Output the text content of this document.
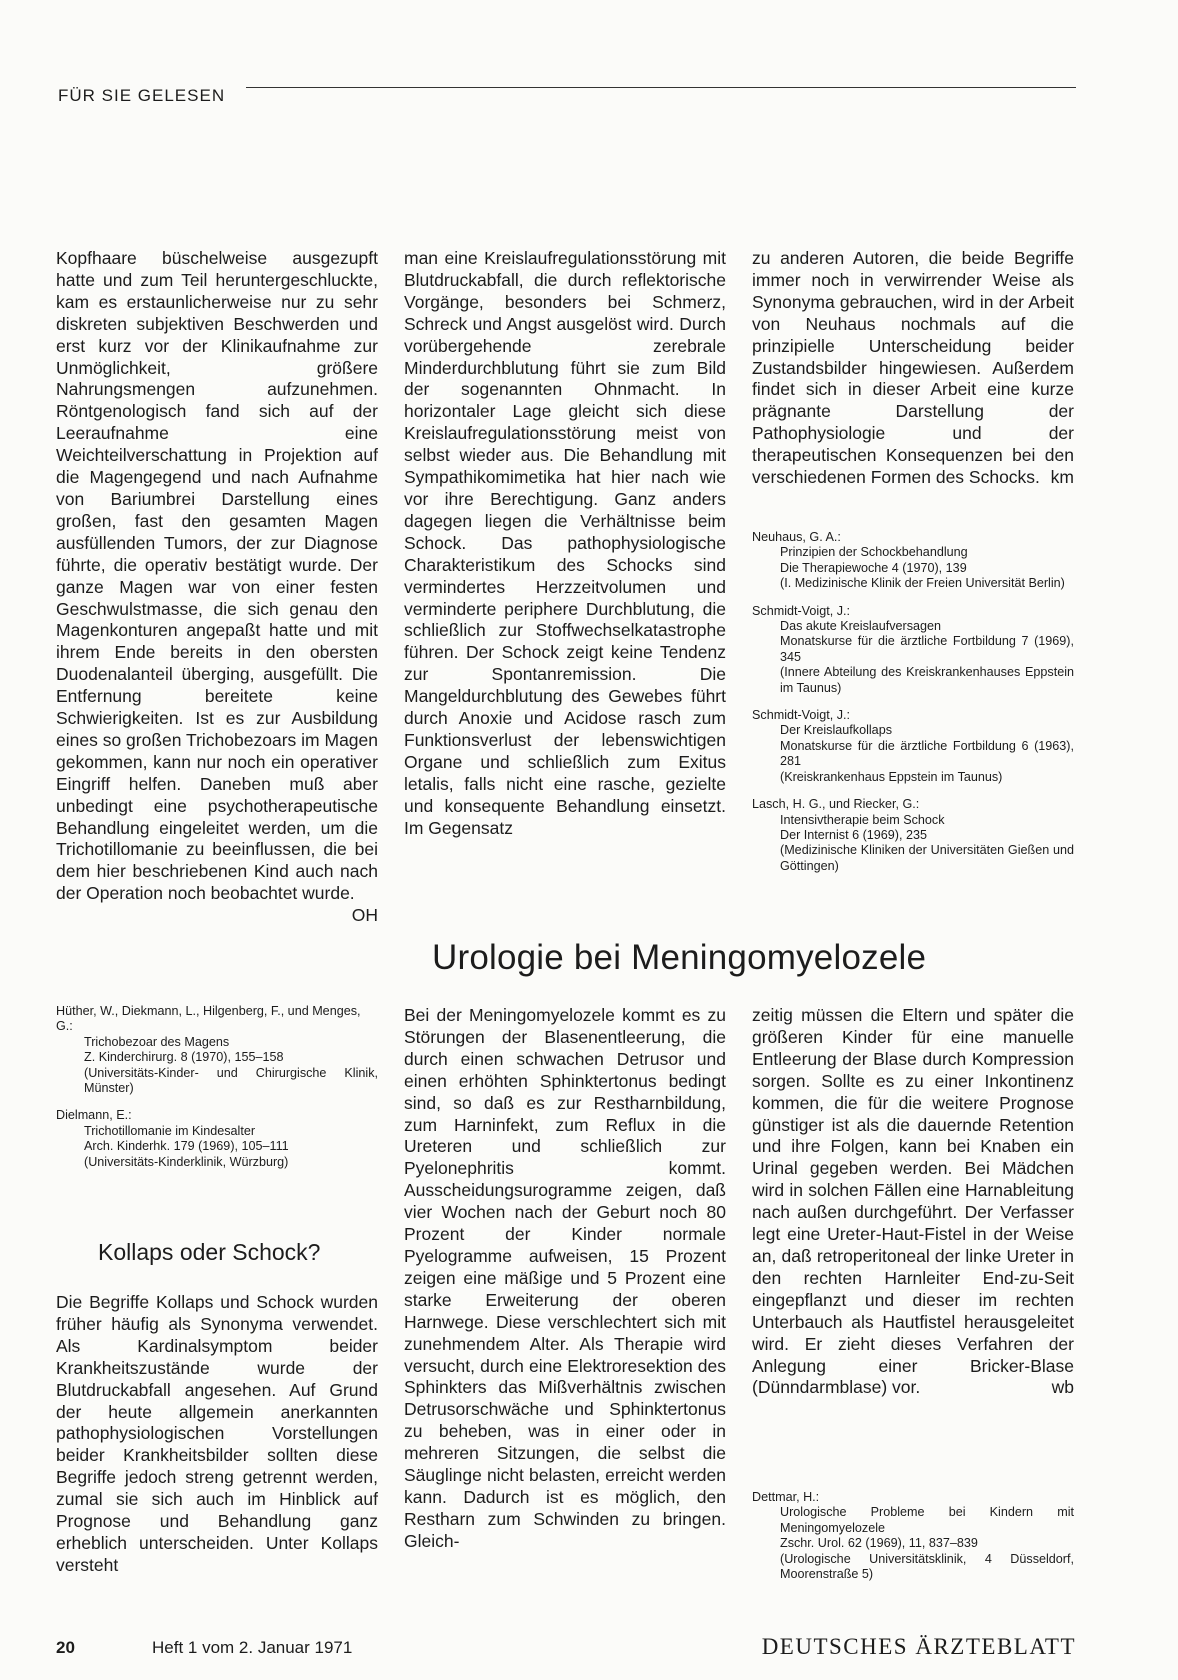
FÜR SIE GELESEN

Kopfhaare büschelweise ausgezupft hatte und zum Teil heruntergeschluckte, kam es erstaunlicherweise nur zu sehr diskreten subjektiven Beschwerden und erst kurz vor der Klinikaufnahme zur Unmöglichkeit, größere Nahrungsmengen aufzunehmen. Röntgenologisch fand sich auf der Leeraufnahme eine Weichteilverschattung in Projektion auf die Magengegend und nach Aufnahme von Bariumbrei Darstellung eines großen, fast den gesamten Magen ausfüllenden Tumors, der zur Diagnose führte, die operativ bestätigt wurde. Der ganze Magen war von einer festen Geschwulstmasse, die sich genau den Magenkonturen angepaßt hatte und mit ihrem Ende bereits in den obersten Duodenalanteil überging, ausgefüllt. Die Entfernung bereitete keine Schwierigkeiten. Ist es zur Ausbildung eines so großen Trichobezoars im Magen gekommen, kann nur noch ein operativer Eingriff helfen. Daneben muß aber unbedingt eine psychotherapeutische Behandlung eingeleitet werden, um die Trichotillomanie zu beeinflussen, die bei dem hier beschriebenen Kind auch nach der Operation noch beobachtet wurde.
OH

Hüther, W., Diekmann, L., Hilgenberg, F., und Menges, G.:
Trichobezoar des Magens
Z. Kinderchirurg. 8 (1970), 155–158
(Universitäts-Kinder- und Chirurgische Klinik, Münster)
Dielmann, E.:
Trichotillomanie im Kindesalter
Arch. Kinderhk. 179 (1969), 105–111
(Universitäts-Kinderklinik, Würzburg)
Kollaps oder Schock?

Die Begriffe Kollaps und Schock wurden früher häufig als Synonyma verwendet. Als Kardinalsymptom beider Krankheitszustände wurde der Blutdruckabfall angesehen. Auf Grund der heute allgemein anerkannten pathophysiologischen Vorstellungen beider Krankheitsbilder sollten diese Begriffe jedoch streng getrennt werden, zumal sie sich auch im Hinblick auf Prognose und Behandlung ganz erheblich unterscheiden. Unter Kollaps versteht

man eine Kreislaufregulationsstörung mit Blutdruckabfall, die durch reflektorische Vorgänge, besonders bei Schmerz, Schreck und Angst ausgelöst wird. Durch vorübergehende zerebrale Minderdurchblutung führt sie zum Bild der sogenannten Ohnmacht. In horizontaler Lage gleicht sich diese Kreislaufregulationsstörung meist von selbst wieder aus. Die Behandlung mit Sympathikomimetika hat hier nach wie vor ihre Berechtigung. Ganz anders dagegen liegen die Verhältnisse beim Schock. Das pathophysiologische Charakteristikum des Schocks sind vermindertes Herzzeitvolumen und verminderte periphere Durchblutung, die schließlich zur Stoffwechselkatastrophe führen. Der Schock zeigt keine Tendenz zur Spontanremission. Die Mangeldurchblutung des Gewebes führt durch Anoxie und Acidose rasch zum Funktionsverlust der lebenswichtigen Organe und schließlich zum Exitus letalis, falls nicht eine rasche, gezielte und konsequente Behandlung einsetzt. Im Gegensatz

zu anderen Autoren, die beide Begriffe immer noch in verwirrender Weise als Synonyma gebrauchen, wird in der Arbeit von Neuhaus nochmals auf die prinzipielle Unterscheidung beider Zustandsbilder hingewiesen. Außerdem findet sich in dieser Arbeit eine kurze prägnante Darstellung der Pathophysiologie und der therapeutischen Konsequenzen bei den verschiedenen Formen des Schocks. km

Neuhaus, G. A.:
Prinzipien der Schockbehandlung
Die Therapiewoche 4 (1970), 139
(I. Medizinische Klinik der Freien Universität Berlin)
Schmidt-Voigt, J.:
Das akute Kreislaufversagen
Monatskurse für die ärztliche Fortbildung 7 (1969), 345
(Innere Abteilung des Kreiskrankenhauses Eppstein im Taunus)
Schmidt-Voigt, J.:
Der Kreislaufkollaps
Monatskurse für die ärztliche Fortbildung 6 (1963), 281
(Kreiskrankenhaus Eppstein im Taunus)
Lasch, H. G., und Riecker, G.:
Intensivtherapie beim Schock
Der Internist 6 (1969), 235
(Medizinische Kliniken der Universitäten Gießen und Göttingen)
Urologie bei Meningomyelozele

Bei der Meningomyelozele kommt es zu Störungen der Blasenentleerung, die durch einen schwachen Detrusor und einen erhöhten Sphinktertonus bedingt sind, so daß es zur Restharnbildung, zum Harninfekt, zum Reflux in die Ureteren und schließlich zur Pyelonephritis kommt. Ausscheidungsurogramme zeigen, daß vier Wochen nach der Geburt noch 80 Prozent der Kinder normale Pyelogramme aufweisen, 15 Prozent zeigen eine mäßige und 5 Prozent eine starke Erweiterung der oberen Harnwege. Diese verschlechtert sich mit zunehmendem Alter. Als Therapie wird versucht, durch eine Elektroresektion des Sphinkters das Mißverhältnis zwischen Detrusorschwäche und Sphinktertonus zu beheben, was in einer oder in mehreren Sitzungen, die selbst die Säuglinge nicht belasten, erreicht werden kann. Dadurch ist es möglich, den Restharn zum Schwinden zu bringen. Gleich-

zeitig müssen die Eltern und später die größeren Kinder für eine manuelle Entleerung der Blase durch Kompression sorgen. Sollte es zu einer Inkontinenz kommen, die für die weitere Prognose günstiger ist als die dauernde Retention und ihre Folgen, kann bei Knaben ein Urinal gegeben werden. Bei Mädchen wird in solchen Fällen eine Harnableitung nach außen durchgeführt. Der Verfasser legt eine Ureter-Haut-Fistel in der Weise an, daß retroperitoneal der linke Ureter in den rechten Harnleiter End-zu-Seit eingepflanzt und dieser im rechten Unterbauch als Hautfistel herausgeleitet wird. Er zieht dieses Verfahren der Anlegung einer Bricker-Blase (Dünndarmblase) vor.	wb

Dettmar, H.:
Urologische Probleme bei Kindern mit Meningomyelozele
Zschr. Urol. 62 (1969), 11, 837–839
(Urologische Universitätsklinik, 4 Düsseldorf, Moorenstraße 5)
20	Heft 1 vom 2. Januar 1971	DEUTSCHES ÄRZTEBLATT
